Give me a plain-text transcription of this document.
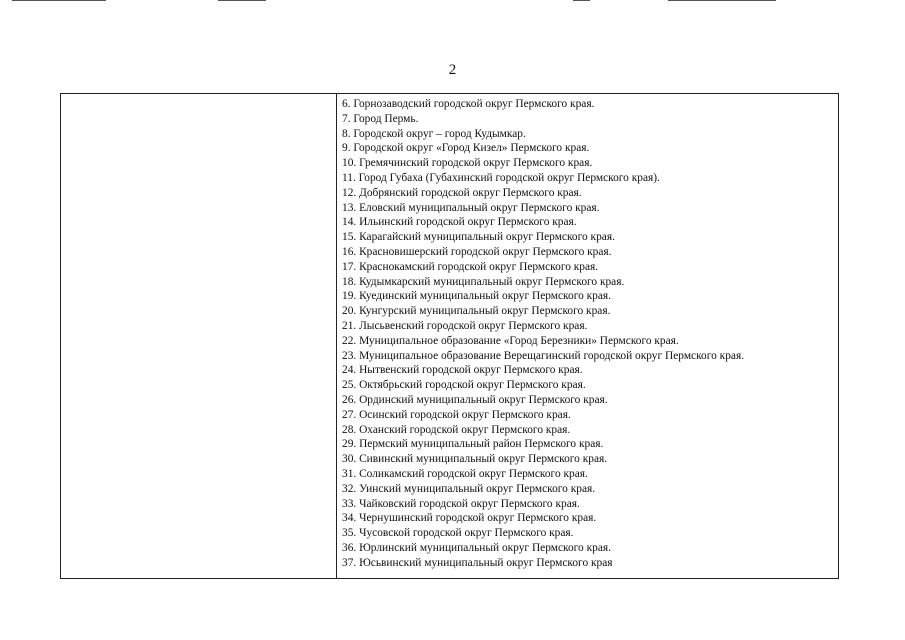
2
6. Горнозаводский городской округ Пермского края.
7. Город Пермь.
8. Городской округ – город Кудымкар.
9. Городской округ «Город Кизел» Пермского края.
10. Гремячинский городской округ Пермского края.
11. Город Губаха (Губахинский городской округ Пермского края).
12. Добрянский городской округ Пермского края.
13. Еловский муниципальный округ Пермского края.
14. Ильинский городской округ Пермского края.
15. Карагайский муниципальный округ Пермского края.
16. Красновишерский городской округ Пермского края.
17. Краснокамский городской округ Пермского края.
18. Кудымкарский муниципальный округ Пермского края.
19. Куединский муниципальный округ Пермского края.
20. Кунгурский муниципальный округ Пермского края.
21. Лысьвенский городской округ Пермского края.
22. Муниципальное образование «Город Березники» Пермского края.
23. Муниципальное образование Верещагинский городской округ Пермского края.
24. Нытвенский городской округ Пермского края.
25. Октябрьский городской округ Пермского края.
26. Ординский муниципальный округ Пермского края.
27. Осинский городской округ Пермского края.
28. Оханский городской округ Пермского края.
29. Пермский муниципальный район Пермского края.
30. Сивинский муниципальный округ Пермского края.
31. Соликамский городской округ Пермского края.
32. Уинский муниципальный округ Пермского края.
33. Чайковский городской округ Пермского края.
34. Чернушинский городской округ Пермского края.
35. Чусовской городской округ Пермского края.
36. Юрлинский муниципальный округ Пермского края.
37. Юсьвинский муниципальный округ Пермского края
